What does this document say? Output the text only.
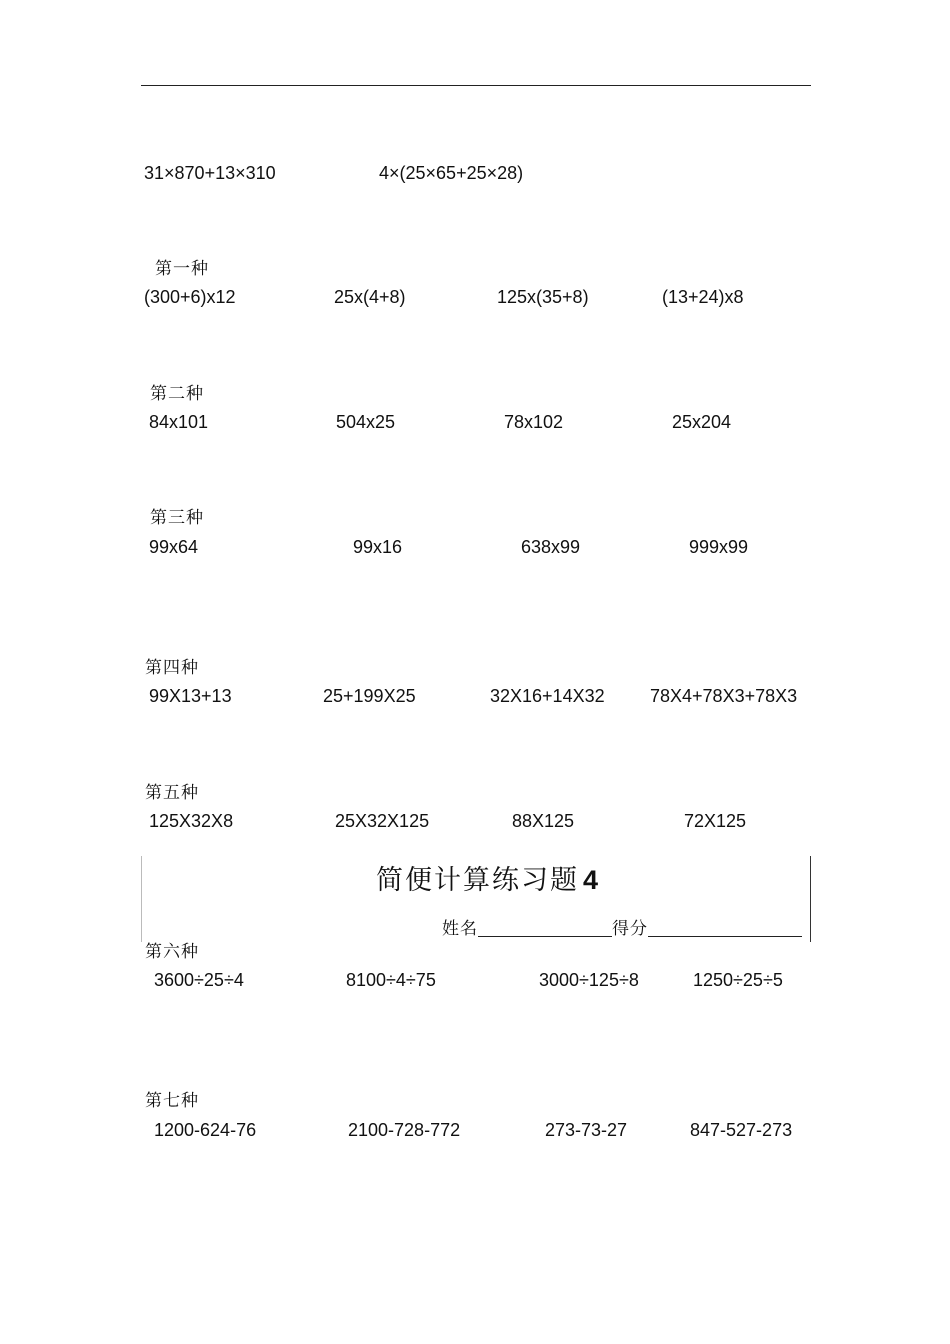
31×870+13×310	4×(25×65+25×28)
第一种
(300+6)x12	25x(4+8)	125x(35+8)	(13+24)x8
第二种
84x101	504x25	78x102	25x204
第三种
99x64	99x16	638x99	999x99
第四种
99X13+13	25+199X25	32X16+14X32	78X4+78X3+78X3
第五种
125X32X8	25X32X125	88X125	72X125
简便计算练习题 4
姓名	得分
第六种
3600÷25÷4	8100÷4÷75	3000÷125÷8	1250÷25÷5
第七种
1200-624-76	2100-728-772	273-73-27	847-527-273
